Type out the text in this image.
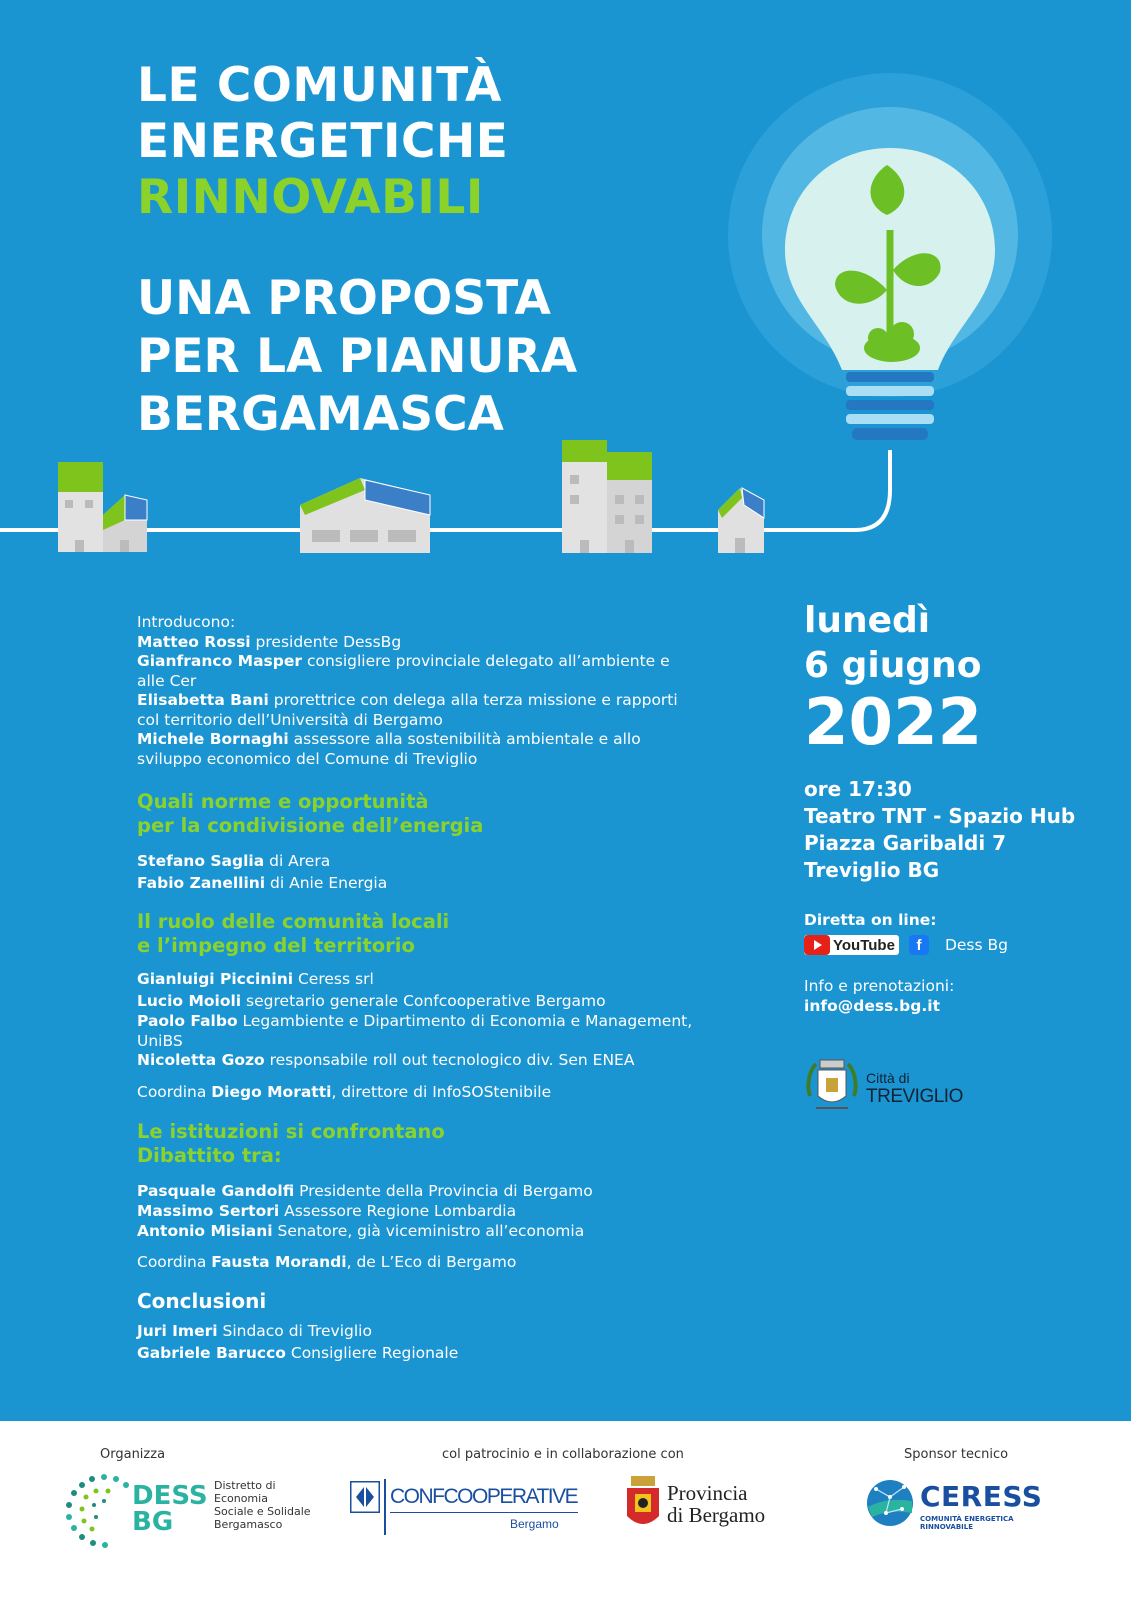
LE COMUNITÀ
ENERGETICHE
RINNOVABILI
UNA PROPOSTA
PER LA PIANURA
BERGAMASCA
Introducono:
Matteo Rossi presidente DessBg
Gianfranco Masper consigliere provinciale delegato all’ambiente e alle Cer
Elisabetta Bani prorettrice con delega alla terza missione e rapporti col territorio dell’Università di Bergamo
Michele Bornaghi assessore alla sostenibilità ambientale e allo sviluppo economico del Comune di Treviglio
Quali norme e opportunità
per la condivisione dell’energia
Stefano Saglia di Arera
Fabio Zanellini di Anie Energia
Il ruolo delle comunità locali
e l’impegno del territorio
Gianluigi Piccinini Ceress srl
Lucio Moioli segretario generale Confcooperative Bergamo
Paolo Falbo Legambiente e Dipartimento di Economia e Management, UniBS
Nicoletta Gozo responsabile roll out tecnologico div. Sen ENEA
Coordina Diego Moratti, direttore di InfoSOStenibile
Le istituzioni si confrontano
Dibattito tra:
Pasquale Gandolfi Presidente della Provincia di Bergamo
Massimo Sertori Assessore Regione Lombardia
Antonio Misiani Senatore, già viceministro all’economia
Coordina Fausta Morandi, de L’Eco di Bergamo
Conclusioni
Juri Imeri Sindaco di Treviglio
Gabriele Barucco Consigliere Regionale
lunedì
6 giugno
2022
ore 17:30
Teatro TNT - Spazio Hub
Piazza Garibaldi 7
Treviglio BG
Diretta on line:
YouTube	f	Dess Bg
Info e prenotazioni:
info@dess.bg.it
Città di
TREVIGLIO
Organizza	col patrocinio e in collaborazione con	Sponsor tecnico
DESS
BG
Distretto di
Economia
Sociale e Solidale
Bergamasco
CONFCOOPERATIVE
Bergamo
Provincia
di Bergamo
CERESS
COMUNITÀ ENERGETICA RINNOVABILE
